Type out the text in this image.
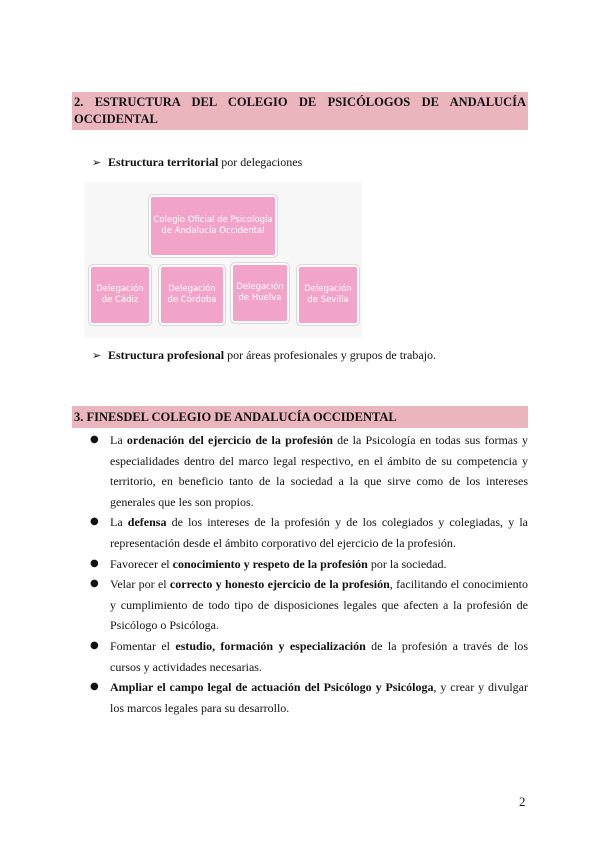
2. ESTRUCTURA DEL COLEGIO DE PSICÓLOGOS DE ANDALUCÍA
OCCIDENTAL
➢ Estructura territorial por delegaciones
Colegio Oficial de Psicología de Andalucía Occidental
Delegación de Cádiz
Delegación de Córdoba
Delegación de Huelva
Delegación de Sevilla
➢ Estructura profesional por áreas profesionales y grupos de trabajo.
3. FINESDEL COLEGIO DE ANDALUCÍA OCCIDENTAL
● La ordenación del ejercicio de la profesión de la Psicología en todas sus formas y especialidades dentro del marco legal respectivo, en el ámbito de su competencia y territorio, en beneficio tanto de la sociedad a la que sirve como de los intereses generales que les son propios.
● La defensa de los intereses de la profesión y de los colegiados y colegiadas, y la representación desde el ámbito corporativo del ejercicio de la profesión.
● Favorecer el conocimiento y respeto de la profesión por la sociedad.
● Velar por el correcto y honesto ejercicio de la profesión, facilitando el conocimiento y cumplimiento de todo tipo de disposiciones legales que afecten a la profesión de Psicólogo o Psicóloga.
● Fomentar el estudio, formación y especialización de la profesión a través de los cursos y actividades necesarias.
● Ampliar el campo legal de actuación del Psicólogo y Psicóloga, y crear y divulgar los marcos legales para su desarrollo.
2
